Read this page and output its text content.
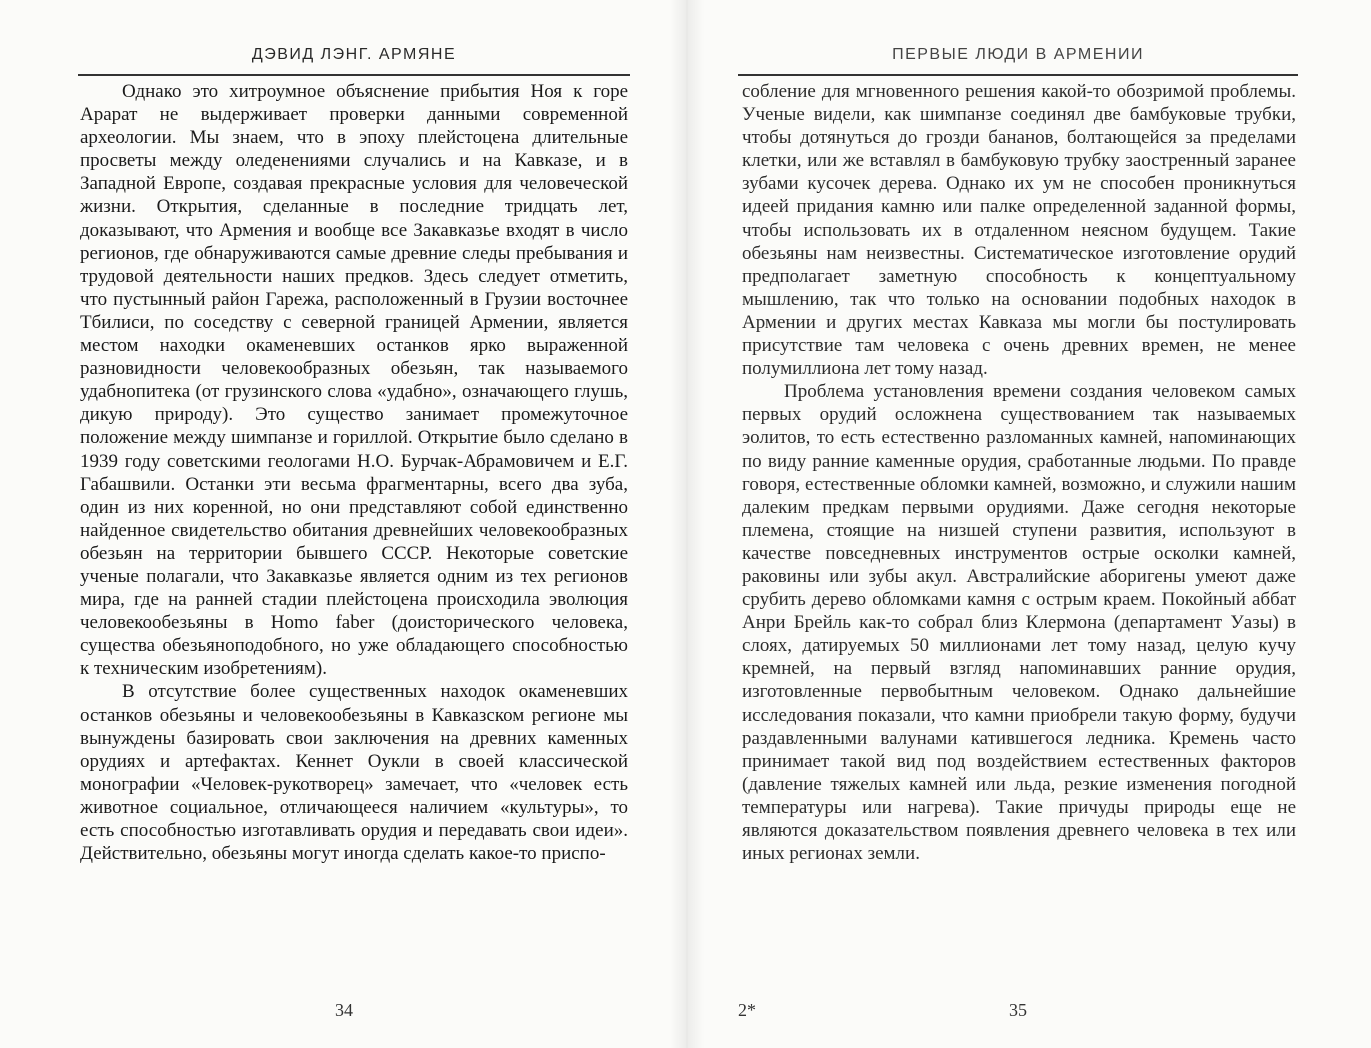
ДЭВИД ЛЭНГ. АРМЯНЕ

Однако это хитроумное объяснение прибытия Ноя к горе Арарат не выдерживает проверки данными современной археологии. Мы знаем, что в эпоху плейстоцена длительные просветы между оледенениями случались и на Кавказе, и в Западной Европе, создавая прекрасные условия для человеческой жизни. Открытия, сделанные в последние тридцать лет, доказывают, что Армения и вообще все Закавказье входят в число регионов, где обнаруживаются самые древние следы пребывания и трудовой деятельности наших предков. Здесь следует отметить, что пустынный район Гарежа, расположенный в Грузии восточнее Тбилиси, по соседству с северной границей Армении, является местом находки окаменевших останков ярко выраженной разновидности человекообразных обезьян, так называемого удабнопитека (от грузинского слова «удабно», означающего глушь, дикую природу). Это существо занимает промежуточное положение между шимпанзе и гориллой. Открытие было сделано в 1939 году советскими геологами Н.О. Бурчак-Абрамовичем и Е.Г. Габашвили. Останки эти весьма фрагментарны, всего два зуба, один из них коренной, но они представляют собой единственно найденное свидетельство обитания древнейших человекообразных обезьян на территории бывшего СССР. Некоторые советские ученые полагали, что Закавказье является одним из тех регионов мира, где на ранней стадии плейстоцена происходила эволюция человекообезьяны в Homo faber (доисторического человека, существа обезьяноподобного, но уже обладающего способностью к техническим изобретениям).

В отсутствие более существенных находок окаменевших останков обезьяны и человекообезьяны в Кавказском регионе мы вынуждены базировать свои заключения на древних каменных орудиях и артефактах. Кеннет Оукли в своей классической монографии «Человек-рукотворец» замечает, что «человек есть животное социальное, отличающееся наличием «культуры», то есть способностью изготавливать орудия и передавать свои идеи». Действительно, обезьяны могут иногда сделать какое-то приспо-

34
ПЕРВЫЕ ЛЮДИ В АРМЕНИИ

собление для мгновенного решения какой-то обозримой проблемы. Ученые видели, как шимпанзе соединял две бамбуковые трубки, чтобы дотянуться до грозди бананов, болтающейся за пределами клетки, или же вставлял в бамбуковую трубку заостренный заранее зубами кусочек дерева. Однако их ум не способен проникнуться идеей придания камню или палке определенной заданной формы, чтобы использовать их в отдаленном неясном будущем. Такие обезьяны нам неизвестны. Систематическое изготовление орудий предполагает заметную способность к концептуальному мышлению, так что только на основании подобных находок в Армении и других местах Кавказа мы могли бы постулировать присутствие там человека с очень древних времен, не менее полумиллиона лет тому назад.

Проблема установления времени создания человеком самых первых орудий осложнена существованием так называемых эолитов, то есть естественно разломанных камней, напоминающих по виду ранние каменные орудия, сработанные людьми. По правде говоря, естественные обломки камней, возможно, и служили нашим далеким предкам первыми орудиями. Даже сегодня некоторые племена, стоящие на низшей ступени развития, используют в качестве повседневных инструментов острые осколки камней, раковины или зубы акул. Австралийские аборигены умеют даже срубить дерево обломками камня с острым краем. Покойный аббат Анри Брейль как-то собрал близ Клермона (департамент Уазы) в слоях, датируемых 50 миллионами лет тому назад, целую кучу кремней, на первый взгляд напоминавших ранние орудия, изготовленные первобытным человеком. Однако дальнейшие исследования показали, что камни приобрели такую форму, будучи раздавленными валунами катившегося ледника. Кремень часто принимает такой вид под воздействием естественных факторов (давление тяжелых камней или льда, резкие изменения погодной температуры или нагрева). Такие причуды природы еще не являются доказательством появления древнего человека в тех или иных регионах земли.

2*	35
